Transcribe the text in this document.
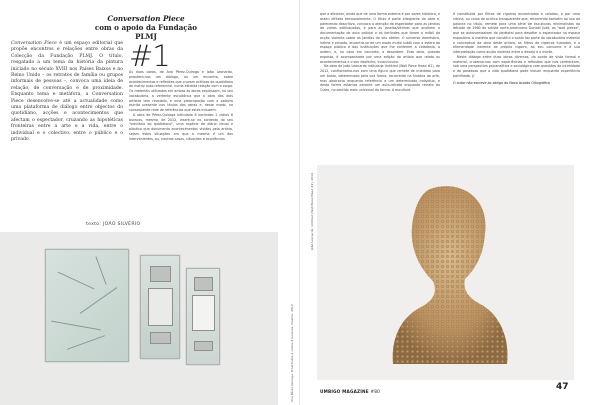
Conversation Piece
com o apoio da Fundação PLMJ
Conversation Piece é um espaço editorial que propõe encontros e relações entre obras da Colecção da Fundação PLMJ. O título, resgatado a um tema da história da pintura iniciado no século XVIII nos Países Baixos e no Reino Unido – os retratos de família ou grupos informais de pessoas –, convoca uma ideia de relação, de conversação e de proximidade. Enquanto tema e metáfora, a Conversation Piece desenvolve-se até a actualidade como uma plataforma de diálogo entre objectos do quotidiano, acções e acontecimentos que afectam o espectador, cruzando as hipotéticas fronteiras entre a arte e a vida, entre o individual e o colectivo, entre o público e o privado.
texto: JOÃO SILVÉRIO
#1

As duas obras, de Ana Pérez-Quiroga e João Leonardo, propõem-nos um diálogo, ou um encontro, sobre acontecimentos e reflexões que cruzam práticas do quotidiano de matriz auto-referencial, numa estreita relação com o corpo. Os materiais utilizados em ambas as obras expressam, no seu vocabulário, a vertente escultórica que a obra dos dois artistas tem revelado, e uma preocupação com a palavra escrita presente nos títulos das obras e, deste modo, na consequente rede de referências que estes induzem.

A obra de Pérez-Quiroga intitulada 8 berlindes 2 vidros 6 buracos, mesmo, de 2012, insere-se no contexto do seu "breviário do quotidiano", uma espécie de diário visual e plástico que documenta acontecimentos vividos pela artista, sejam estes situações em que a mesma é um dos intervenientes, ou, noutros casos, situações e ocorrências

Ana Pérez-Quiroga, 8 berlindes 2 vidros 6 buracos, mesmo, 2012

que a afectam, ainda que de uma forma externa e por vezes histórica, e assim difíreta temporalmente. O título é parte integrante da obra e, parecendo descritivo, convoca a atenção do espectador para as janelas de vidros estilhaçados, e para as janelas/vitrinas que acolhem a documentação do auto policial e os berlindes que foram o móbil da acção violenta sobre as janelas do seu atelier. O universo doméstico, íntimo e privado, encontra-se de um modo muito subtil com a esfera do espaço público e das instituições que lhe conferem a cidadania, a ordem, e, no caso em concreto, a desordem. Esta obra, quando exposta, é acompanhada por uma edição da artista que relata os acontecimentos e o seu desfecho, inconclusivo.

Na obra de João Leonardo intitulada Untitled (Wall Piece Head #2), de 2012, confrontamo-nos com uma figura que remete de imediato para um busto, determinado pela sua forma, recorrente na história da arte, mas abstracto enquanto referência a um determinado indivíduo, e desta forma estamos perante um auto-retrato enquanto retrato do Outro, no sentido mais universal do termo. A escultura

é constituída por filtros de cigarros encontrados e colados, e por uma vitrina, ou caixa de acrílico transparente que, recorrendo também ao uso da palavra no título, remete para uma série de esculturas minimalistas da década de 1960 do artista norte-americano Donald Judd, as "wall pieces", que se autonomizaram do pedestal para desafiar o espectador no espaço expositivo. A matéria que constitui o busto faz parte do vocabulário material e conceptual da obra deste artista, os filtros de cigarros fumados, e a efemeridade inerente ao próprio cigarro, ao seu consumo e à sua interpretação como acção violenta entre o desejo e a morte.

Neste diálogo entre duas obras diversas, do ponto de vista formal e material, cruzamo-nos com experiências e reflexões que nos confrontam, sob uma perspectiva psicanalítica e sociológica com questões da intimidade e do paradoxo que a vida quotidiana pode induzir enquanto experiência partilhada. //

O autor não escreve ao abrigo do Novo Acordo Ortográfico
João Leonardo, Untitled (Wall Piece Head #2), 2012
UMBIGO MAGAZINE #80	47
